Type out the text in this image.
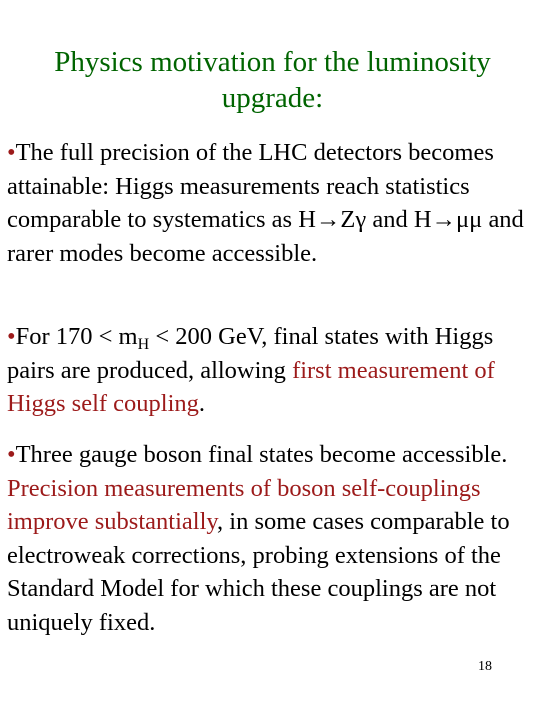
Physics motivation for the luminosity upgrade:
•The full precision of the LHC detectors becomes attainable: Higgs measurements reach statistics comparable to systematics as H→Zγ and H→μμ and rarer modes become accessible.
•For $170 < m_H < 200$ GeV, final states with Higgs pairs are produced, allowing first measurement of Higgs self coupling.
•Three gauge boson final states become accessible. Precision measurements of boson self-couplings improve substantially, in some cases comparable to electroweak corrections, probing extensions of the Standard Model for which these couplings are not uniquely fixed.
18
